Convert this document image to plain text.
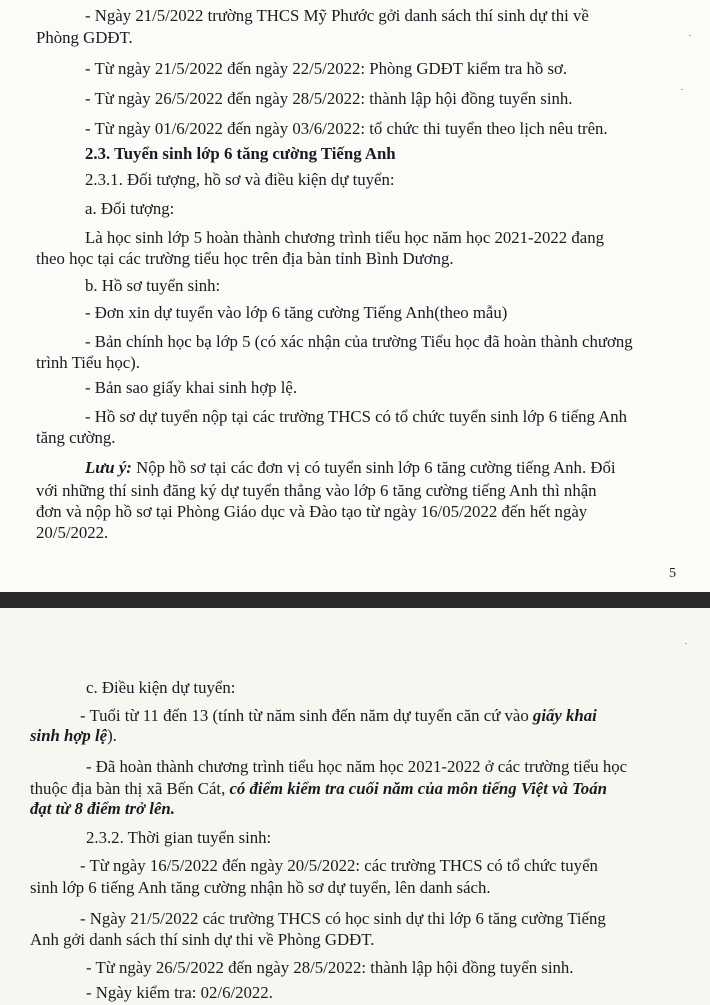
- Ngày 21/5/2022 trường THCS Mỹ Phước gởi danh sách thí sinh dự thi về
Phòng GDĐT.
- Từ ngày 21/5/2022 đến ngày 22/5/2022: Phòng GDĐT kiểm tra hồ sơ.
- Từ ngày 26/5/2022 đến ngày 28/5/2022: thành lập hội đồng tuyển sinh.
- Từ ngày 01/6/2022 đến ngày 03/6/2022: tổ chức thi tuyển theo lịch nêu trên.
2.3. Tuyển sinh lớp 6 tăng cường Tiếng Anh
2.3.1. Đối tượng, hồ sơ và điều kiện dự tuyển:
a. Đối tượng:
Là học sinh lớp 5 hoàn thành chương trình tiểu học năm học 2021-2022 đang
theo học tại các trường tiểu học trên địa bàn tỉnh Bình Dương.
b. Hồ sơ tuyển sinh:
- Đơn xin dự tuyển vào lớp 6 tăng cường Tiếng Anh(theo mẫu)
- Bản chính học bạ lớp 5 (có xác nhận của trường Tiểu học đã hoàn thành chương
trình Tiểu học).
- Bản sao giấy khai sinh hợp lệ.
- Hồ sơ dự tuyển nộp tại các trường THCS có tổ chức tuyển sinh lớp 6 tiếng Anh
tăng cường.
Lưu ý: Nộp hồ sơ tại các đơn vị có tuyển sinh lớp 6 tăng cường tiếng Anh. Đối
với những thí sinh đăng ký dự tuyển thẳng vào lớp 6 tăng cường tiếng Anh thì nhận
đơn và nộp hồ sơ tại Phòng Giáo dục và Đào tạo từ ngày 16/05/2022 đến hết ngày
20/5/2022.
5
·
·
c. Điều kiện dự tuyển:
- Tuổi từ 11 đến 13 (tính từ năm sinh đến năm dự tuyển căn cứ vào giấy khai
sinh hợp lệ).
- Đã hoàn thành chương trình tiểu học năm học 2021-2022 ở các trường tiểu học
thuộc địa bàn thị xã Bến Cát, có điểm kiểm tra cuối năm của môn tiếng Việt và Toán
đạt từ 8 điểm trở lên.
2.3.2. Thời gian tuyển sinh:
- Từ ngày 16/5/2022 đến ngày 20/5/2022: các trường THCS có tổ chức tuyển
sinh lớp 6 tiếng Anh tăng cường nhận hồ sơ dự tuyển, lên danh sách.
- Ngày 21/5/2022 các trường THCS có học sinh dự thi lớp 6 tăng cường Tiếng
Anh gởi danh sách thí sinh dự thi về Phòng GDĐT.
- Từ ngày 26/5/2022 đến ngày 28/5/2022: thành lập hội đồng tuyển sinh.
- Ngày kiểm tra: 02/6/2022.
·
